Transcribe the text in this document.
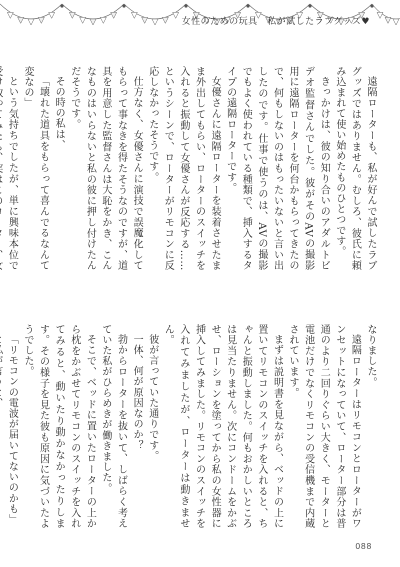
女性のための玩具　私が試したラブグッズ♥

遠隔ローターも、私が好んで試したラブグッズではありません。むしろ、彼氏に頼み込まれて使い始めたものひとつです。

きっかけは、彼の知り合いのアダルトビデオ監督さんでした。彼がそのAVの撮影用に遠隔ローターを何台かもらってきたので、何もしないのはもったいないと言い出したのです。仕事で使うのは、AVの撮影でもよく使われている種類で、挿入するタイプの遠隔ローターです。

女優さんに遠隔ローターを装着させたまま外出してもらい、ローターのスイッチを入れると振動して女優さんが反応する……というシーンで、ローターがリモコンに反応しなかったそうです。

仕方なく、女優さんに演技で誤魔化してもらって事なきを得たそうなのですが、道具を用意した監督さんは大恥をかき、こんなものはいらないと私の彼に押し付けたんだそうです。

その時の私は、

「壊れた道具をもらって喜んでるなんて変なの」

という気持ちでしたが、単に興味本位で

なりました。

遠隔ローターはリモコンとローターがワンセットになっていて、ローター部分は普通のより二回りぐらい大きく、モーターと電池だけでなくリモコンの受信機まで内蔵されています。

まずは説明書を見ながら、ベッドの上に置いてリモコンのスイッチを入れると、ちゃんと振動しました。何もおかしいところは見当たりません。次にコンドームをかぶせ、ローションを塗ってから私の女性器に挿入してみました。リモコンのスイッチを入れてみましたが、ローターは動きません。

彼が言っていた通りです。

一体、何が原因なのか？

勃からローターを抜いて、しばらく考えていた私がひらめきが働きました。

そこで、ベッドに置いたローターの上から枕をかぶせてリモコンのスイッチを入れてみると、動いたり動かなかったりします。その様子を見た彼も原因に気づいたようでした。

「リモコンの電波が届いてないのかも」

088
